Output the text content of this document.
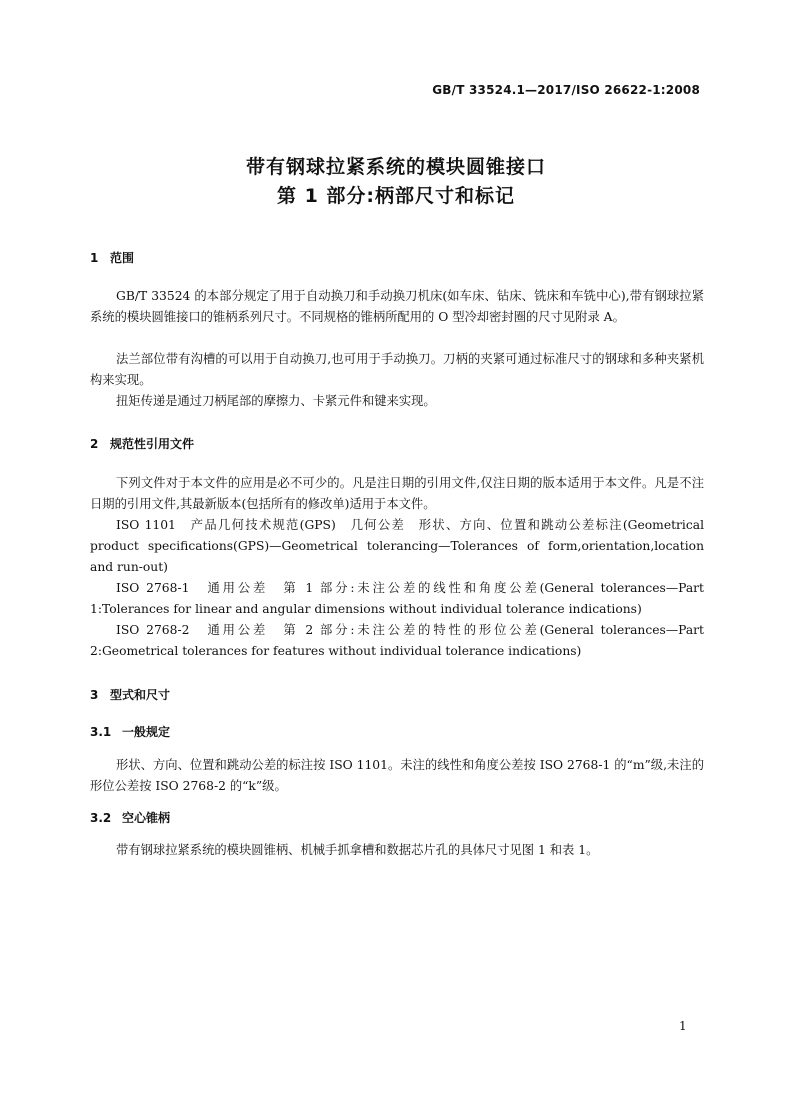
GB/T 33524.1—2017/ISO 26622-1:2008
带有钢球拉紧系统的模块圆锥接口
第 1 部分:柄部尺寸和标记
1 范围
GB/T 33524 的本部分规定了用于自动换刀和手动换刀机床(如车床、钻床、铣床和车铣中心),带有钢球拉紧系统的模块圆锥接口的锥柄系列尺寸。不同规格的锥柄所配用的 O 型冷却密封圈的尺寸见附录 A。
法兰部位带有沟槽的可以用于自动换刀,也可用于手动换刀。刀柄的夹紧可通过标准尺寸的钢球和多种夹紧机构来实现。
扭矩传递是通过刀柄尾部的摩擦力、卡紧元件和键来实现。
2 规范性引用文件
下列文件对于本文件的应用是必不可少的。凡是注日期的引用文件,仅注日期的版本适用于本文件。凡是不注日期的引用文件,其最新版本(包括所有的修改单)适用于本文件。
ISO 1101　产品几何技术规范(GPS)　几何公差　形状、方向、位置和跳动公差标注(Geometrical product specifications(GPS)—Geometrical tolerancing—Tolerances of form,orientation,location and run-out)
ISO 2768-1　通用公差　第 1 部分:未注公差的线性和角度公差(General tolerances—Part 1:Tolerances for linear and angular dimensions without individual tolerance indications)
ISO 2768-2　通用公差　第 2 部分:未注公差的特性的形位公差(General tolerances—Part 2:Geometrical tolerances for features without individual tolerance indications)
3 型式和尺寸
3.1 一般规定
形状、方向、位置和跳动公差的标注按 ISO 1101。未注的线性和角度公差按 ISO 2768-1 的“m”级,未注的形位公差按 ISO 2768-2 的“k”级。
3.2 空心锥柄
带有钢球拉紧系统的模块圆锥柄、机械手抓拿槽和数据芯片孔的具体尺寸见图 1 和表 1。
1
